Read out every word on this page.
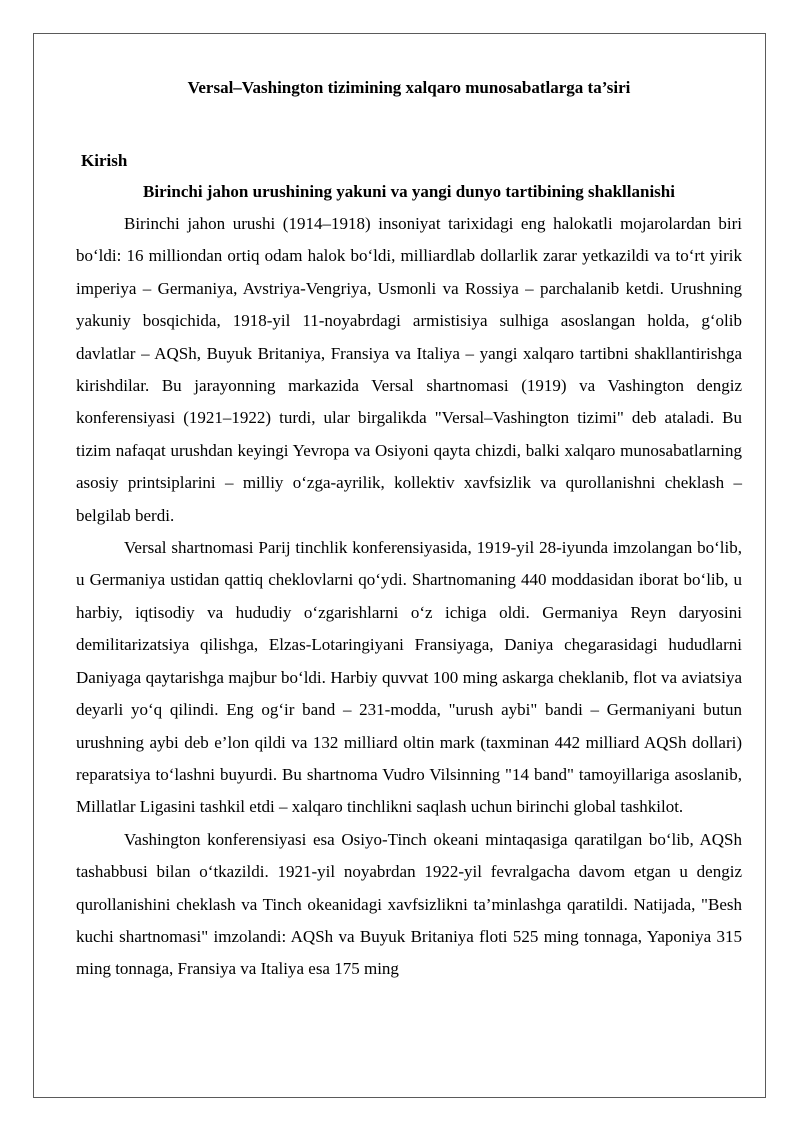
Versal–Vashington tizimining xalqaro munosabatlarga ta’siri

Kirish

Birinchi jahon urushining yakuni va yangi dunyo tartibining shakllanishi

Birinchi jahon urushi (1914–1918) insoniyat tarixidagi eng halokatli mojarolardan biri bo‘ldi: 16 milliondan ortiq odam halok bo‘ldi, milliardlab dollarlik zarar yetkazildi va to‘rt yirik imperiya – Germaniya, Avstriya-Vengriya, Usmonli va Rossiya – parchalanib ketdi. Urushning yakuniy bosqichida, 1918-yil 11-noyabrdagi armistisiya sulhiga asoslangan holda, g‘olib davlatlar – AQSh, Buyuk Britaniya, Fransiya va Italiya – yangi xalqaro tartibni shakllantirishga kirishdilar. Bu jarayonning markazida Versal shartnomasi (1919) va Vashington dengiz konferensiyasi (1921–1922) turdi, ular birgalikda "Versal–Vashington tizimi" deb ataladi. Bu tizim nafaqat urushdan keyingi Yevropa va Osiyoni qayta chizdi, balki xalqaro munosabatlarning asosiy printsiplarini – milliy o‘zga-ayrilik, kollektiv xavfsizlik va qurollanishni cheklash – belgilab berdi.

Versal shartnomasi Parij tinchlik konferensiyasida, 1919-yil 28-iyunda imzolangan bo‘lib, u Germaniya ustidan qattiq cheklovlarni qo‘ydi. Shartnomaning 440 moddasidan iborat bo‘lib, u harbiy, iqtisodiy va hududiy o‘zgarishlarni o‘z ichiga oldi. Germaniya Reyn daryosini demilitarizatsiya qilishga, Elzas-Lotaringiyani Fransiyaga, Daniya chegarasidagi hududlarni Daniyaga qaytarishga majbur bo‘ldi. Harbiy quvvat 100 ming askarga cheklanib, flot va aviatsiya deyarli yo‘q qilindi. Eng og‘ir band – 231-modda, "urush aybi" bandi – Germaniyani butun urushning aybi deb e’lon qildi va 132 milliard oltin mark (taxminan 442 milliard AQSh dollari) reparatsiya to‘lashni buyurdi. Bu shartnoma Vudro Vilsinning "14 band" tamoyillariga asoslanib, Millatlar Ligasini tashkil etdi – xalqaro tinchlikni saqlash uchun birinchi global tashkilot.

Vashington konferensiyasi esa Osiyo-Tinch okeani mintaqasiga qaratilgan bo‘lib, AQSh tashabbusi bilan o‘tkazildi. 1921-yil noyabrdan 1922-yil fevralgacha davom etgan u dengiz qurollanishini cheklash va Tinch okeanidagi xavfsizlikni ta’minlashga qaratildi. Natijada, "Besh kuchi shartnomasi" imzolandi: AQSh va Buyuk Britaniya floti 525 ming tonnaga, Yaponiya 315 ming tonnaga, Fransiya va Italiya esa 175 ming
